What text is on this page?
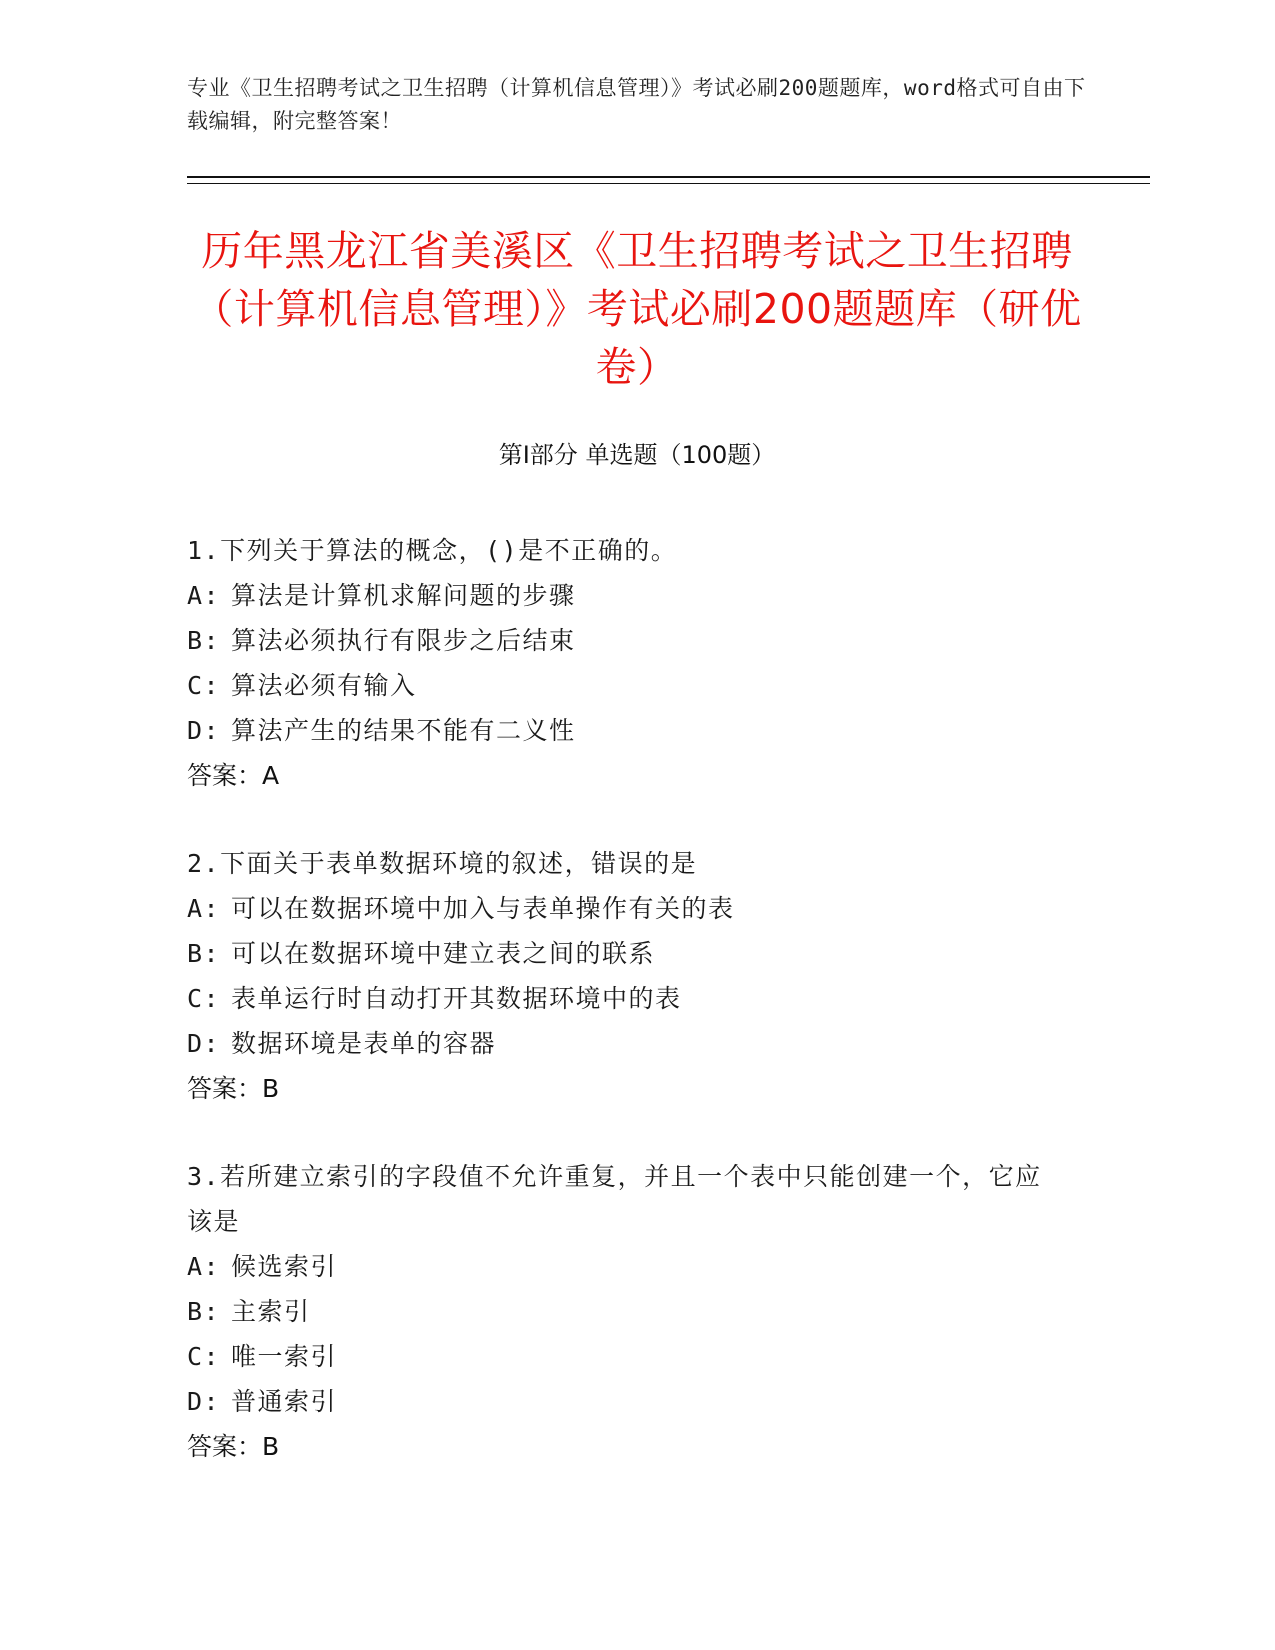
专业《卫生招聘考试之卫生招聘（计算机信息管理）》考试必刷200题题库，word格式可自由下载编辑，附完整答案！
历年黑龙江省美溪区《卫生招聘考试之卫生招聘（计算机信息管理）》考试必刷200题题库（研优卷）
第Ⅰ部分 单选题（100题）
1.下列关于算法的概念，()是不正确的。
A: 算法是计算机求解问题的步骤
B: 算法必须执行有限步之后结束
C: 算法必须有输入
D: 算法产生的结果不能有二义性
答案：A
2.下面关于表单数据环境的叙述，错误的是
A: 可以在数据环境中加入与表单操作有关的表
B: 可以在数据环境中建立表之间的联系
C: 表单运行时自动打开其数据环境中的表
D: 数据环境是表单的容器
答案：B
3.若所建立索引的字段值不允许重复，并且一个表中只能创建一个，它应该是
A: 候选索引
B: 主索引
C: 唯一索引
D: 普通索引
答案：B
